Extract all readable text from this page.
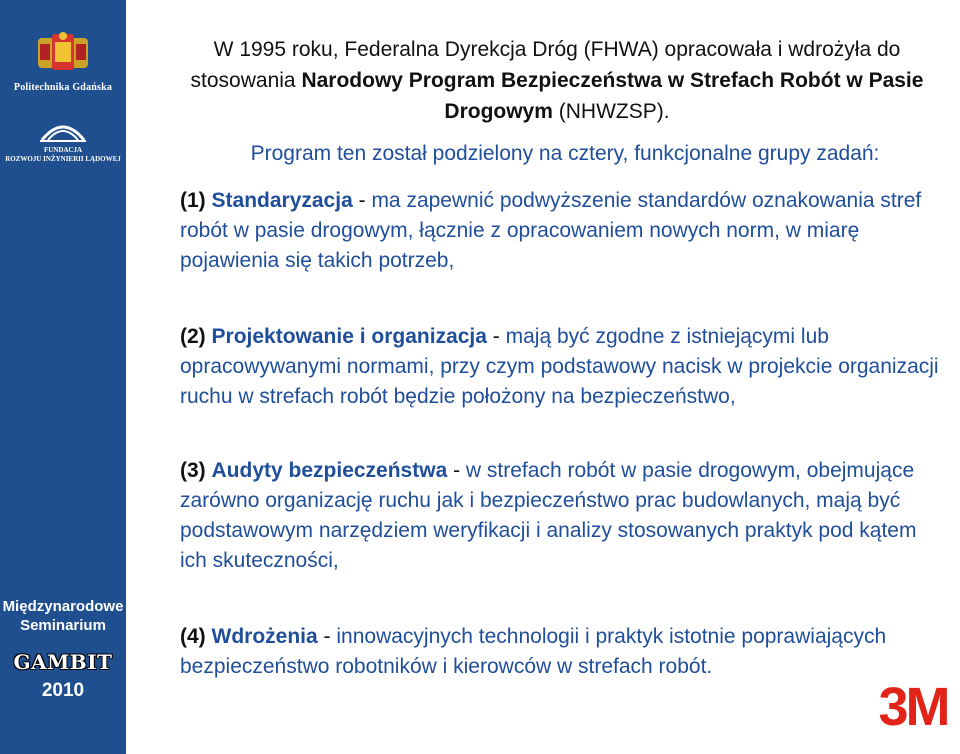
Politechnika Gdańska
FUNDACJA
ROZWOJU INŻYNIERII LĄDOWEJ
Międzynarodowe
Seminarium
GAMBIT
2010
W 1995 roku, Federalna Dyrekcja Dróg (FHWA) opracowała i wdrożyła do stosowania Narodowy Program Bezpieczeństwa w Strefach Robót w Pasie Drogowym (NHWZSP).
Program ten został podzielony na cztery, funkcjonalne grupy zadań:
(1) Standaryzacja - ma zapewnić podwyższenie standardów oznakowania stref robót w pasie drogowym, łącznie z opracowaniem nowych norm, w miarę pojawienia się takich potrzeb,
(2) Projektowanie i organizacja - mają być zgodne z istniejącymi lub opracowywanymi normami, przy czym podstawowy nacisk w projekcie organizacji ruchu w strefach robót będzie położony na bezpieczeństwo,
(3) Audyty bezpieczeństwa - w strefach robót w pasie drogowym, obejmujące zarówno organizację ruchu jak i bezpieczeństwo prac budowlanych, mają być podstawowym narzędziem weryfikacji i analizy stosowanych praktyk pod kątem ich skuteczności,
(4) Wdrożenia - innowacyjnych technologii i praktyk istotnie poprawiających bezpieczeństwo robotników i kierowców w strefach robót.
3M
